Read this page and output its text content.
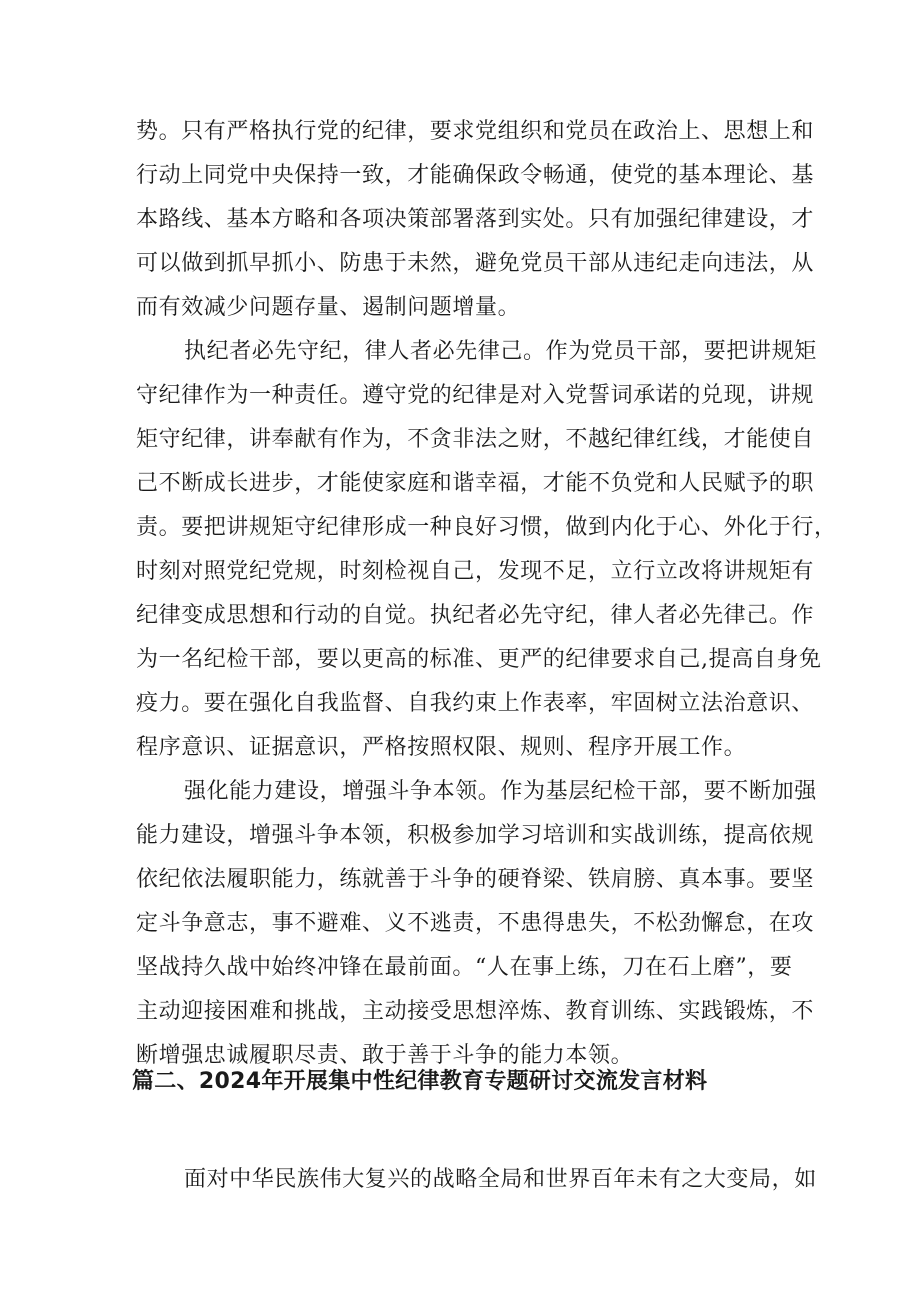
势。只有严格执行党的纪律，要求党组织和党员在政治上、思想上和
行动上同党中央保持一致，才能确保政令畅通，使党的基本理论、基
本路线、基本方略和各项决策部署落到实处。只有加强纪律建设，才
可以做到抓早抓小、防患于未然，避免党员干部从违纪走向违法，从
而有效减少问题存量、遏制问题增量。
执纪者必先守纪，律人者必先律己。作为党员干部，要把讲规矩
守纪律作为一种责任。遵守党的纪律是对入党誓词承诺的兑现，讲规
矩守纪律，讲奉献有作为，不贪非法之财，不越纪律红线，才能使自
己不断成长进步，才能使家庭和谐幸福，才能不负党和人民赋予的职
责。要把讲规矩守纪律形成一种良好习惯，做到内化于心、外化于行，
时刻对照党纪党规，时刻检视自己，发现不足，立行立改将讲规矩有
纪律变成思想和行动的自觉。执纪者必先守纪，律人者必先律己。作
为一名纪检干部，要以更高的标准、更严的纪律要求自己,提高自身免
疫力。要在强化自我监督、自我约束上作表率，牢固树立法治意识、
程序意识、证据意识，严格按照权限、规则、程序开展工作。
强化能力建设，增强斗争本领。作为基层纪检干部，要不断加强
能力建设，增强斗争本领，积极参加学习培训和实战训练，提高依规
依纪依法履职能力，练就善于斗争的硬脊梁、铁肩膀、真本事。要坚
定斗争意志，事不避难、义不逃责，不患得患失，不松劲懈怠，在攻
坚战持久战中始终冲锋在最前面。“人在事上练，刀在石上磨”，要
主动迎接困难和挑战，主动接受思想淬炼、教育训练、实践锻炼，不
断增强忠诚履职尽责、敢于善于斗争的能力本领。
篇二、2024年开展集中性纪律教育专题研讨交流发言材料
面对中华民族伟大复兴的战略全局和世界百年未有之大变局，如
